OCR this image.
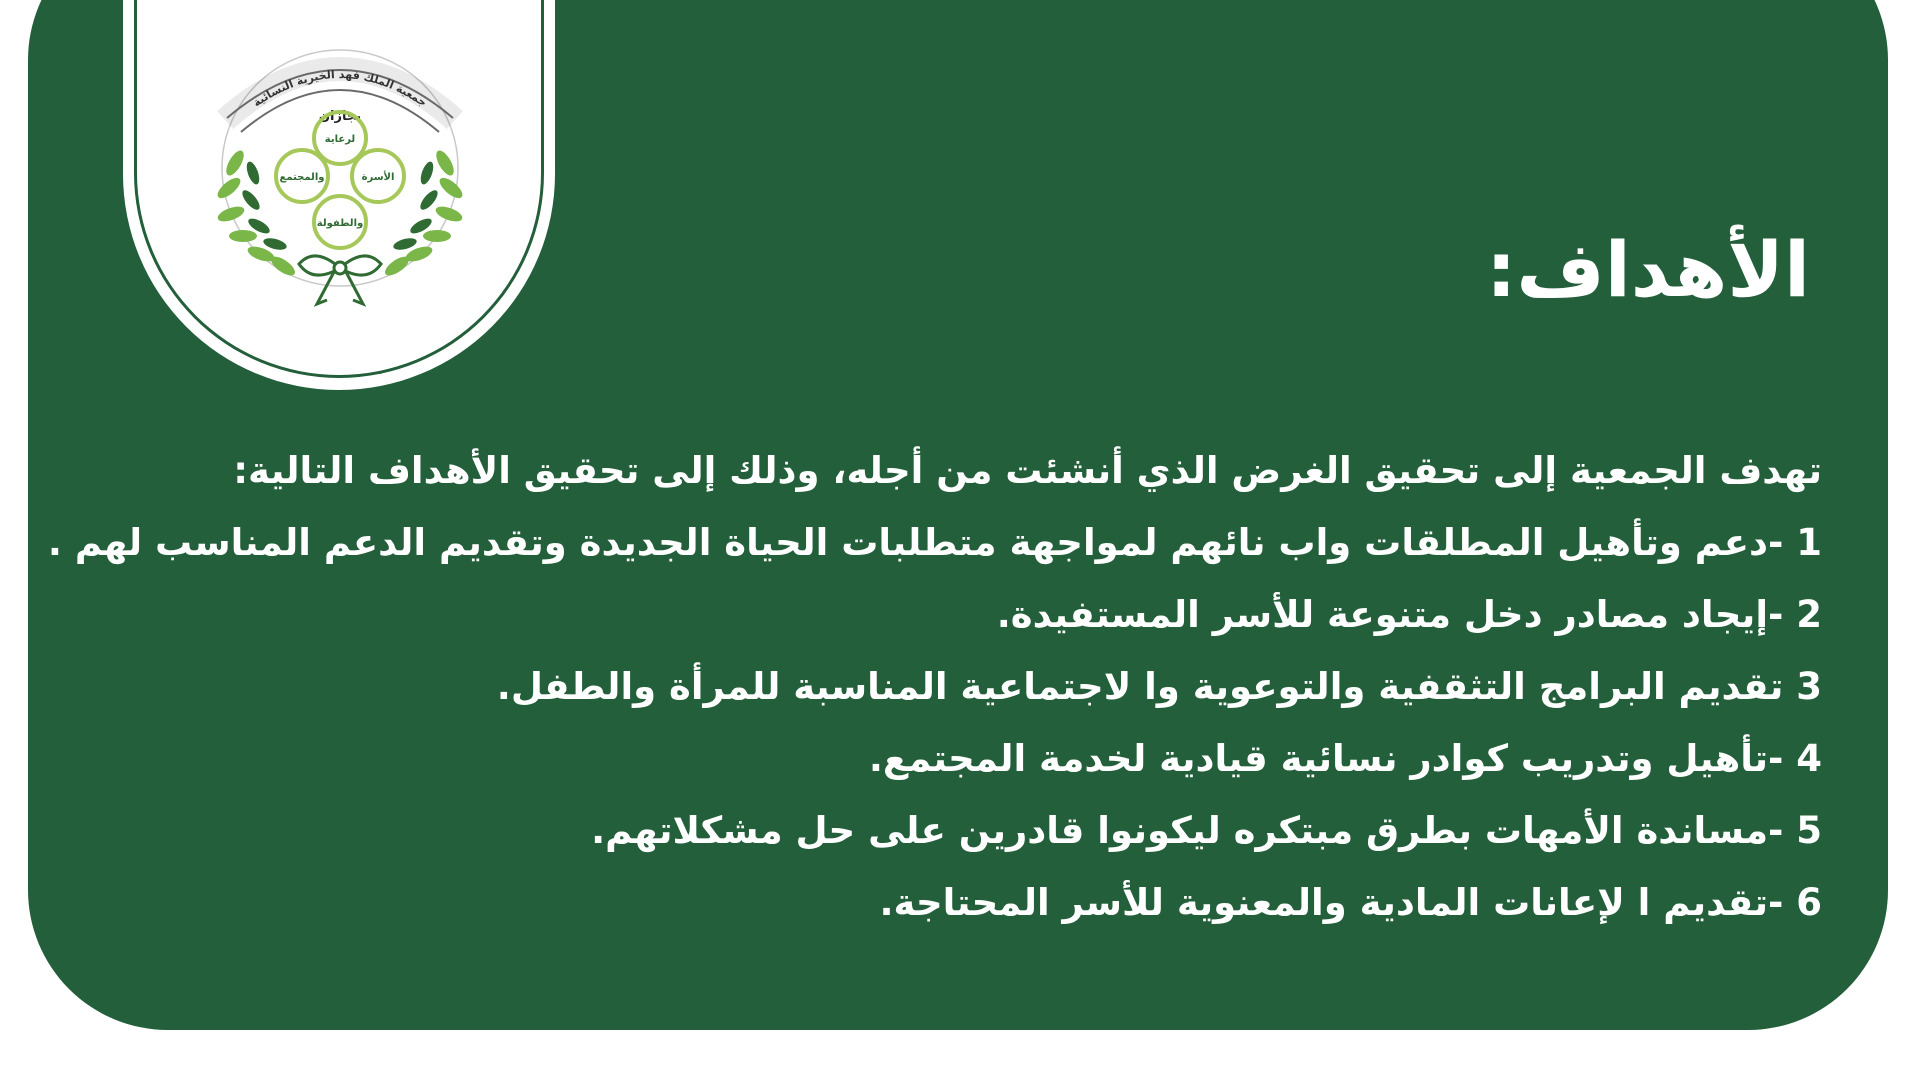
جمعية الملك فهد الخيرية النسائية
بجازان
لرعاية
والمجتمع	الأسرة
والطفولة
الأهداف:
تهدف الجمعية إلى تحقيق الغرض الذي أنشئت من أجله، وذلك إلى تحقيق الأهداف التالية:
1 -دعم وتأهيل المطلقات واب نائهم لمواجهة متطلبات الحياة الجديدة وتقديم الدعم المناسب لهم .
2 -إيجاد مصادر دخل متنوعة للأسر المستفيدة.
3 تقديم البرامج التثقفية والتوعوية وا لاجتماعية المناسبة للمرأة والطفل.
4 -تأهيل وتدريب كوادر نسائية قيادية لخدمة المجتمع.
5 -مساندة الأمهات بطرق مبتكره ليكونوا قادرين على حل مشكلاتهم.
6 -تقديم ا لإعانات المادية والمعنوية للأسر المحتاجة.
